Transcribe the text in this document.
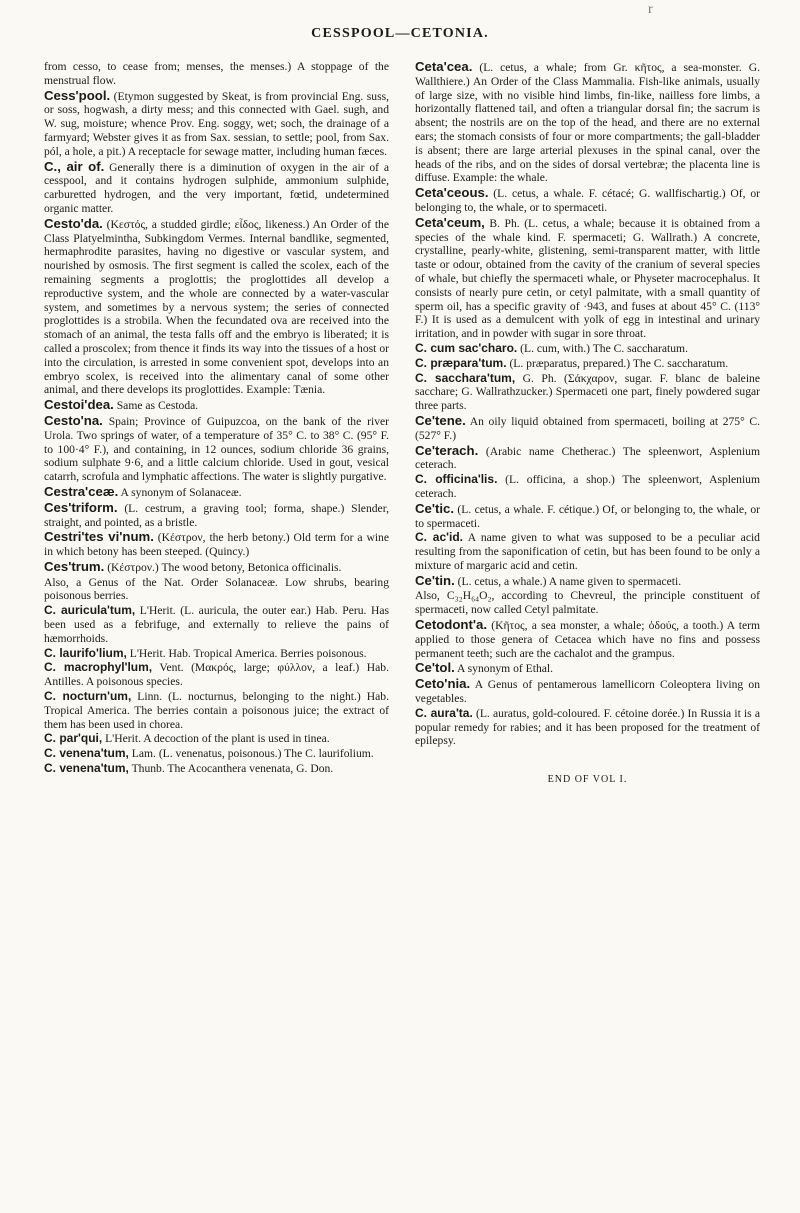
CESSPOOL—CETONIA.
r

from cesso, to cease from; menses, the menses.) A stoppage of the menstrual flow.

Cess'pool. (Etymon suggested by Skeat, is from provincial Eng. suss, or soss, hogwash, a dirty mess; and this connected with Gael. sugh, and W. sug, moisture; whence Prov. Eng. soggy, wet; soch, the drainage of a farmyard; Webster gives it as from Sax. sessian, to settle; pool, from Sax. pól, a hole, a pit.) A receptacle for sewage matter, including human fæces.

C., air of. Generally there is a diminution of oxygen in the air of a cesspool, and it contains hydrogen sulphide, ammonium sulphide, carburetted hydrogen, and the very important, fœtid, undetermined organic matter.

Cesto'da. (Κεστός, a studded girdle; εἶδος, likeness.) An Order of the Class Platyelmintha, Subkingdom Vermes. Internal bandlike, segmented, hermaphrodite parasites, having no digestive or vascular system, and nourished by osmosis. The first segment is called the scolex, each of the remaining segments a proglottis; the proglottides all develop a reproductive system, and the whole are connected by a water-vascular system, and sometimes by a nervous system; the series of connected proglottides is a strobila. When the fecundated ova are received into the stomach of an animal, the testa falls off and the embryo is liberated; it is called a proscolex; from thence it finds its way into the tissues of a host or into the circulation, is arrested in some convenient spot, develops into an embryo scolex, is received into the alimentary canal of some other animal, and there develops its proglottides. Example: Tænia.

Cestoi'dea. Same as Cestoda.

Cesto'na. Spain; Province of Guipuzcoa, on the bank of the river Urola. Two springs of water, of a temperature of 35° C. to 38° C. (95° F. to 100·4° F.), and containing, in 12 ounces, sodium chloride 36 grains, sodium sulphate 9·6, and a little calcium chloride. Used in gout, vesical catarrh, scrofula and lymphatic affections. The water is slightly purgative.

Cestra'ceæ. A synonym of Solanaceæ.

Ces'triform. (L. cestrum, a graving tool; forma, shape.) Slender, straight, and pointed, as a bristle.

Cestri'tes vi'num. (Κέστρον, the herb betony.) Old term for a wine in which betony has been steeped. (Quincy.)

Ces'trum. (Κέστρον.) The wood betony, Betonica officinalis.

Also, a Genus of the Nat. Order Solanaceæ. Low shrubs, bearing poisonous berries.

C. auricula'tum, L'Herit. (L. auricula, the outer ear.) Hab. Peru. Has been used as a febrifuge, and externally to relieve the pains of hæmorrhoids.

C. laurifo'lium, L'Herit. Hab. Tropical America. Berries poisonous.

C. macrophyl'lum, Vent. (Μακρός, large; φύλλον, a leaf.) Hab. Antilles. A poisonous species.

C. nocturn'um, Linn. (L. nocturnus, belonging to the night.) Hab. Tropical America. The berries contain a poisonous juice; the extract of them has been used in chorea.

C. par'qui, L'Herit. A decoction of the plant is used in tinea.

C. venena'tum, Lam. (L. venenatus, poisonous.) The C. laurifolium.

C. venena'tum, Thunb. The Acocanthera venenata, G. Don.

Ceta'cea. (L. cetus, a whale; from Gr. κῆτος, a sea-monster. G. Wallthiere.) An Order of the Class Mammalia. Fish-like animals, usually of large size, with no visible hind limbs, fin-like, nailless fore limbs, a horizontally flattened tail, and often a triangular dorsal fin; the sacrum is absent; the nostrils are on the top of the head, and there are no external ears; the stomach consists of four or more compartments; the gall-bladder is absent; there are large arterial plexuses in the spinal canal, over the heads of the ribs, and on the sides of dorsal vertebræ; the placenta line is diffuse. Example: the whale.

Ceta'ceous. (L. cetus, a whale. F. cétacé; G. wallfischartig.) Of, or belonging to, the whale, or to spermaceti.

Ceta'ceum, B. Ph. (L. cetus, a whale; because it is obtained from a species of the whale kind. F. spermaceti; G. Wallrath.) A concrete, crystalline, pearly-white, glistening, semi-transparent matter, with little taste or odour, obtained from the cavity of the cranium of several species of whale, but chiefly the spermaceti whale, or Physeter macrocephalus. It consists of nearly pure cetin, or cetyl palmitate, with a small quantity of sperm oil, has a specific gravity of ·943, and fuses at about 45° C. (113° F.) It is used as a demulcent with yolk of egg in intestinal and urinary irritation, and in powder with sugar in sore throat.

C. cum sac'charo. (L. cum, with.) The C. saccharatum.

C. præpara'tum. (L. præparatus, prepared.) The C. saccharatum.

C. sacchara'tum, G. Ph. (Σάκχαρον, sugar. F. blanc de baleine sacchare; G. Wallrathzucker.) Spermaceti one part, finely powdered sugar three parts.

Ce'tene. An oily liquid obtained from spermaceti, boiling at 275° C. (527° F.)

Ce'terach. (Arabic name Chetherac.) The spleenwort, Asplenium ceterach.

C. officina'lis. (L. officina, a shop.) The spleenwort, Asplenium ceterach.

Ce'tic. (L. cetus, a whale. F. cétique.) Of, or belonging to, the whale, or to spermaceti.

C. ac'id. A name given to what was supposed to be a peculiar acid resulting from the saponification of cetin, but has been found to be only a mixture of margaric acid and cetin.

Ce'tin. (L. cetus, a whale.) A name given to spermaceti.

Also, C₃₂H₆₄O₂, according to Chevreul, the principle constituent of spermaceti, now called Cetyl palmitate.

Cetodont'a. (Κῆτος, a sea monster, a whale; ὀδούς, a tooth.) A term applied to those genera of Cetacea which have no fins and possess permanent teeth; such are the cachalot and the grampus.

Ce'tol. A synonym of Ethal.

Ceto'nia. A Genus of pentamerous lamellicorn Coleoptera living on vegetables.

C. aura'ta. (L. auratus, gold-coloured. F. cétoine dorée.) In Russia it is a popular remedy for rabies; and it has been proposed for the treatment of epilepsy.

END OF VOL I.
